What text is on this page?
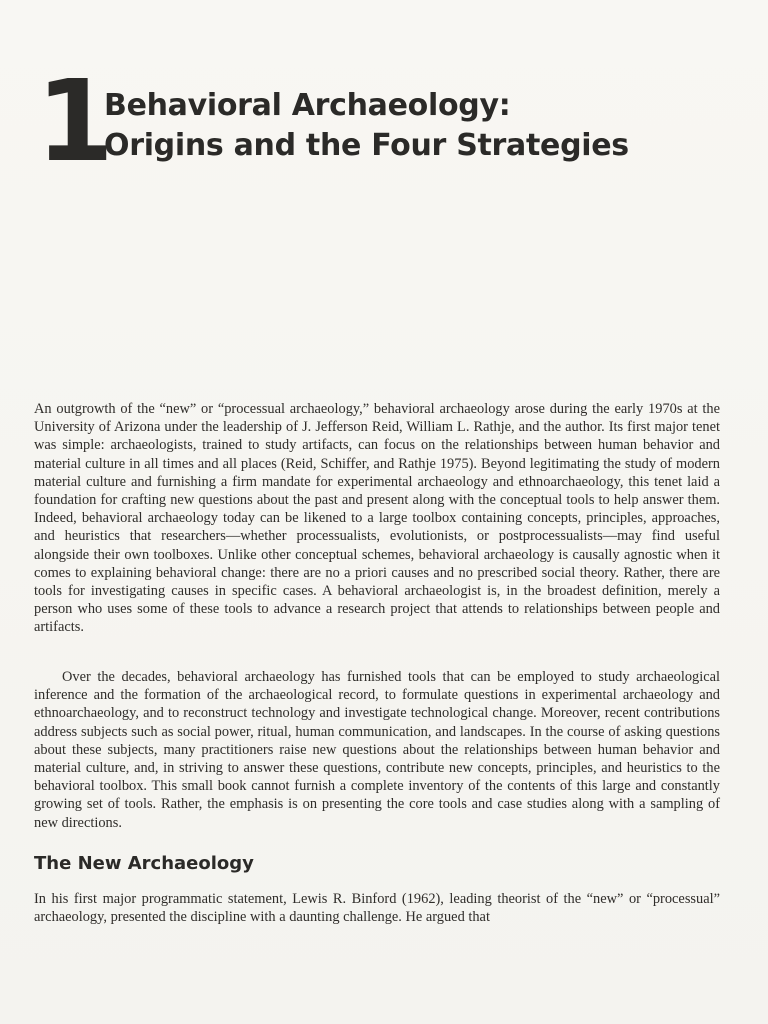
1
Behavioral Archaeology:
Origins and the Four Strategies

An outgrowth of the “new” or “processual archaeology,” behavioral archaeology arose during the early 1970s at the University of Arizona under the leadership of J. Jefferson Reid, William L. Rathje, and the author. Its first major tenet was simple: archaeologists, trained to study artifacts, can focus on the relationships between human behavior and material culture in all times and all places (Reid, Schiffer, and Rathje 1975). Beyond legitimating the study of modern material culture and furnishing a firm mandate for experimental archaeology and ethnoarchaeology, this tenet laid a foundation for crafting new questions about the past and present along with the conceptual tools to help answer them. Indeed, behavioral archaeology today can be likened to a large toolbox containing concepts, principles, approaches, and heuristics that researchers—whether processualists, evolutionists, or postprocessualists—may find useful alongside their own toolboxes. Unlike other conceptual schemes, behavioral archaeology is causally agnostic when it comes to explaining behavioral change: there are no a priori causes and no prescribed social theory. Rather, there are tools for investigating causes in specific cases. A behavioral archaeologist is, in the broadest definition, merely a person who uses some of these tools to advance a research project that attends to relationships between people and artifacts.

Over the decades, behavioral archaeology has furnished tools that can be employed to study archaeological inference and the formation of the archaeological record, to formulate questions in experimental archaeology and ethnoarchaeology, and to reconstruct technology and investigate technological change. Moreover, recent contributions address subjects such as social power, ritual, human communication, and landscapes. In the course of asking questions about these subjects, many practitioners raise new questions about the relationships between human behavior and material culture, and, in striving to answer these questions, contribute new concepts, principles, and heuristics to the behavioral toolbox. This small book cannot furnish a complete inventory of the contents of this large and constantly growing set of tools. Rather, the emphasis is on presenting the core tools and case studies along with a sampling of new directions.

The New Archaeology

In his first major programmatic statement, Lewis R. Binford (1962), leading theorist of the “new” or “processual” archaeology, presented the discipline with a daunting challenge. He argued that
